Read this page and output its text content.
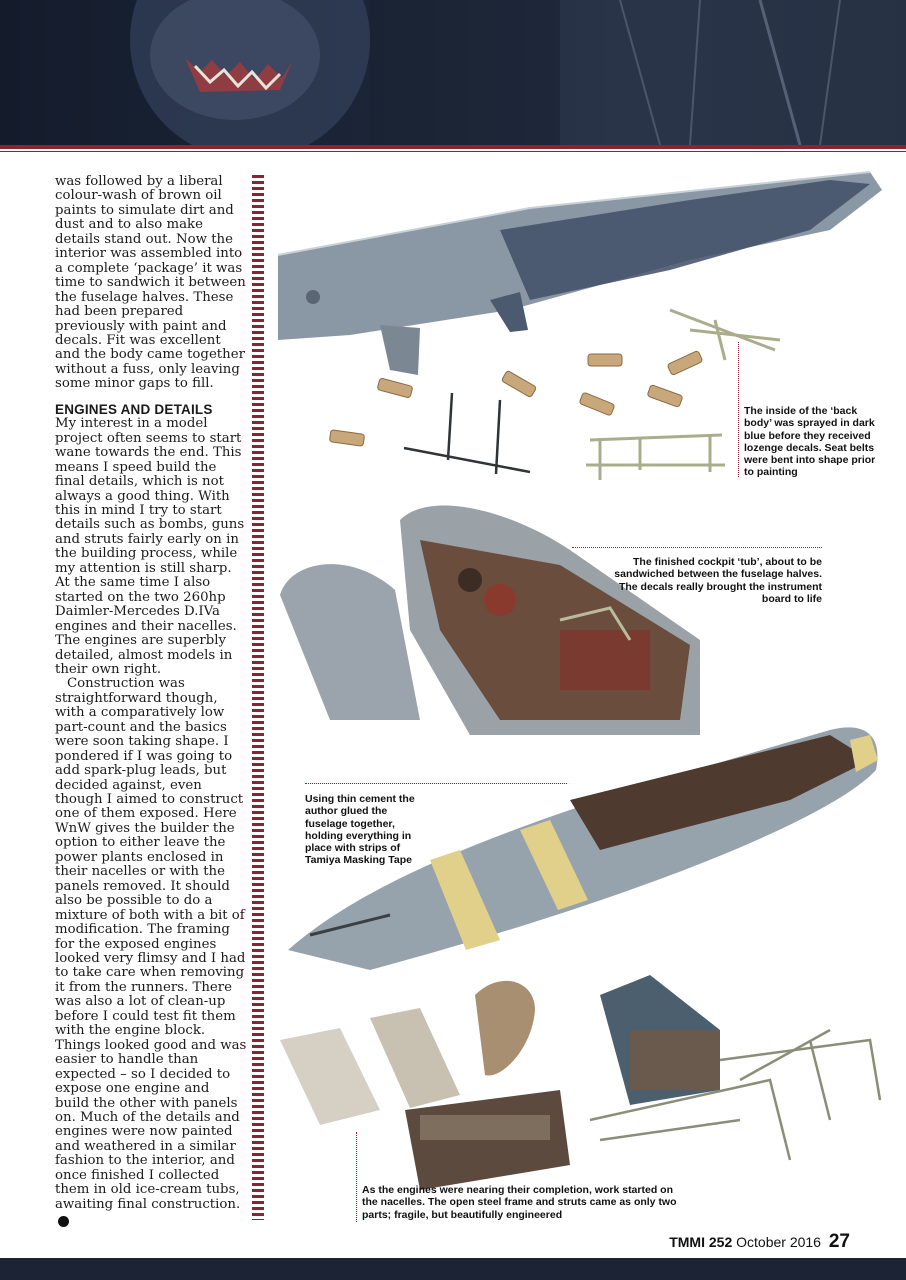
was followed by a liberal colour-wash of brown oil paints to simulate dirt and dust and to also make details stand out. Now the interior was assembled into a complete ‘package’ it was time to sandwich it between the fuselage halves. These had been prepared previously with paint and decals. Fit was excellent and the body came together without a fuss, only leaving some minor gaps to fill.

ENGINES AND DETAILS

My interest in a model project often seems to start wane towards the end. This means I speed build the final details, which is not always a good thing. With this in mind I try to start details such as bombs, guns and struts fairly early on in the building process, while my attention is still sharp. At the same time I also started on the two 260hp Daimler-Mercedes D.IVa engines and their nacelles. The engines are superbly detailed, almost models in their own right.

Construction was straightforward though, with a comparatively low part-count and the basics were soon taking shape. I pondered if I was going to add spark-plug leads, but decided against, even though I aimed to construct one of them exposed. Here WnW gives the builder the option to either leave the power plants enclosed in their nacelles or with the panels removed. It should also be possible to do a mixture of both with a bit of modification. The framing for the exposed engines looked very flimsy and I had to take care when removing it from the runners. There was also a lot of clean-up before I could test fit them with the engine block. Things looked good and was easier to handle than expected – so I decided to expose one engine and build the other with panels on. Much of the details and engines were now painted and weathered in a similar fashion to the interior, and once finished I collected them in old ice-cream tubs, awaiting final construction.▶

The inside of the ‘back body’ was sprayed in dark blue before they received lozenge decals. Seat belts were bent into shape prior to painting
The finished cockpit ‘tub’, about to be sandwiched between the fuselage halves. The decals really brought the instrument board to life
Using thin cement the author glued the fuselage together, holding everything in place with strips of Tamiya Masking Tape
As the engines were nearing their completion, work started on the nacelles. The open steel frame and struts came as only two parts; fragile, but beautifully engineered
TMMI 252 October 2016 27
